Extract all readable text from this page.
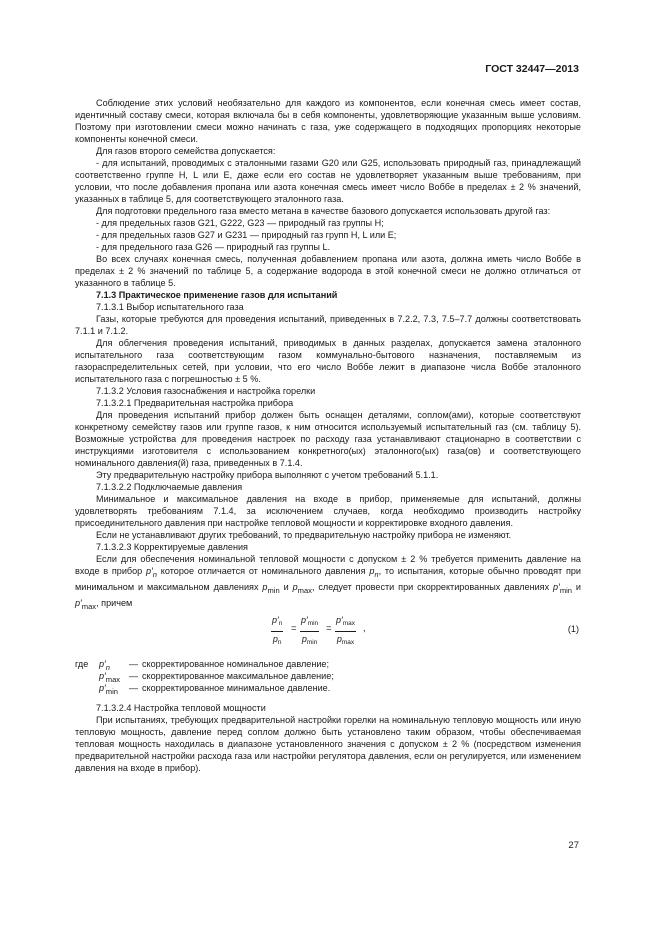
ГОСТ 32447—2013

Соблюдение этих условий необязательно для каждого из компонентов, если конечная смесь имеет состав, идентичный составу смеси, которая включала бы в себя компоненты, удовлетворяющие указанным выше условиям. Поэтому при изготовлении смеси можно начинать с газа, уже содержащего в подходящих пропорциях некоторые компоненты конечной смеси.

Для газов второго семейства допускается:

- для испытаний, проводимых с эталонными газами G20 или G25, использовать природный газ, принадлежащий соответственно группе Н, L или Е, даже если его состав не удовлетворяет указанным выше требованиям, при условии, что после добавления пропана или азота конечная смесь имеет число Воббе в пределах ± 2 % значений, указанных в таблице 5, для соответствующего эталонного газа.

Для подготовки предельного газа вместо метана в качестве базового допускается использовать другой газ:

- для предельных газов G21, G222, G23 — природный газ группы Н;

- для предельных газов G27 и G231 — природный газ групп Н, L или Е;

- для предельного газа G26 — природный газ группы L.

Во всех случаях конечная смесь, полученная добавлением пропана или азота, должна иметь число Воббе в пределах ± 2 % значений по таблице 5, а содержание водорода в этой конечной смеси не должно отличаться от указанного в таблице 5.

7.1.3 Практическое применение газов для испытаний

7.1.3.1 Выбор испытательного газа

Газы, которые требуются для проведения испытаний, приведенных в 7.2.2, 7.3, 7.5–7.7 должны соответствовать 7.1.1 и 7.1.2.

Для облегчения проведения испытаний, приводимых в данных разделах, допускается замена эталонного испытательного газа соответствующим газом коммунально-бытового назначения, поставляемым из газораспределительных сетей, при условии, что его число Воббе лежит в диапазоне числа Воббе эталонного испытательного газа с погрешностью ± 5 %.

7.1.3.2 Условия газоснабжения и настройка горелки

7.1.3.2.1 Предварительная настройка прибора

Для проведения испытаний прибор должен быть оснащен деталями, соплом(ами), которые соответствуют конкретному семейству газов или группе газов, к ним относится используемый испытательный газ (см. таблицу 5). Возможные устройства для проведения настроек по расходу газа устанавливают стационарно в соответствии с инструкциями изготовителя с использованием конкретного(ых) эталонного(ых) газа(ов) и соответствующего номинального давления(й) газа, приведенных в 7.1.4.

Эту предварительную настройку прибора выполняют с учетом требований 5.1.1.

7.1.3.2.2 Подключаемые давления

Минимальное и максимальное давления на входе в прибор, применяемые для испытаний, должны удовлетворять требованиям 7.1.4, за исключением случаев, когда необходимо производить настройку присоединительного давления при настройке тепловой мощности и корректировке входного давления.

Если не устанавливают других требований, то предварительную настройку прибора не изменяют.

7.1.3.2.3 Корректируемые давления

Если для обеспечения номинальной тепловой мощности с допуском ± 2 % требуется применить давление на входе в прибор $p'_n$ которое отличается от номинального давления $p_n$, то испытания, которые обычно проводят при минимальном и максимальном давлениях $p_{min}$ и $p_{max}$, следует провести при скорректированных давлениях $p'_{min}$ и $p'_{max}$, причем

$\frac{p'_n}{p_n}$ =
$p'_{min}$
$p_{min}$
=
$p'_{max}$
$p_{max}$
,	(1)
где $p'_n$ — скорректированное номинальное давление;
$p'_{max}$ — скорректированное максимальное давление;
$p'_{min}$ — скорректированное минимальное давление.

7.1.3.2.4 Настройка тепловой мощности

При испытаниях, требующих предварительной настройки горелки на номинальную тепловую мощность или иную тепловую мощность, давление перед соплом должно быть установлено таким образом, чтобы обеспечиваемая тепловая мощность находилась в диапазоне установленного значения с допуском ± 2 % (посредством изменения предварительной настройки расхода газа или настройки регулятора давления, если он регулируется, или изменением давления на входе в прибор).

27
